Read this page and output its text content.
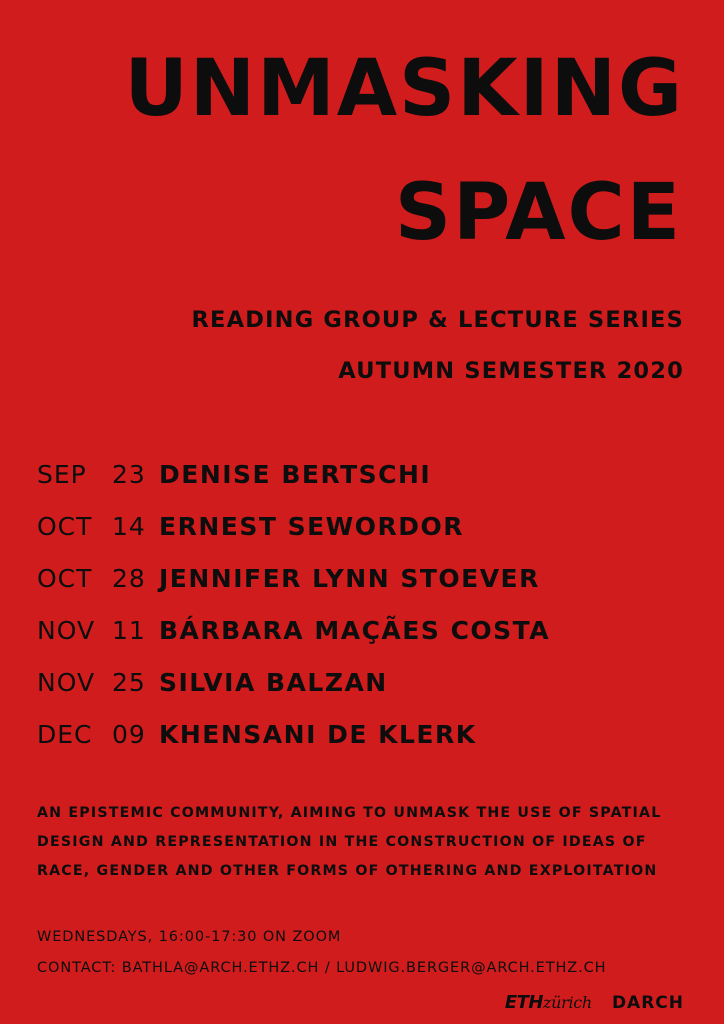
UNMASKING
SPACE
READING GROUP & LECTURE SERIES
AUTUMN SEMESTER 2020
SEP 23 DENISE BERTSCHI
OCT 14 ERNEST SEWORDOR
OCT 28 JENNIFER LYNN STOEVER
NOV 11 BÁRBARA MAÇÃES COSTA
NOV 25 SILVIA BALZAN
DEC 09 KHENSANI DE KLERK
AN EPISTEMIC COMMUNITY, AIMING TO UNMASK THE USE OF SPATIAL
DESIGN AND REPRESENTATION IN THE CONSTRUCTION OF IDEAS OF
RACE, GENDER AND OTHER FORMS OF OTHERING AND EXPLOITATION
WEDNESDAYS, 16:00-17:30 ON ZOOM
CONTACT: BATHLA@ARCH.ETHZ.CH / LUDWIG.BERGER@ARCH.ETHZ.CH
ETH zürich DARCH
